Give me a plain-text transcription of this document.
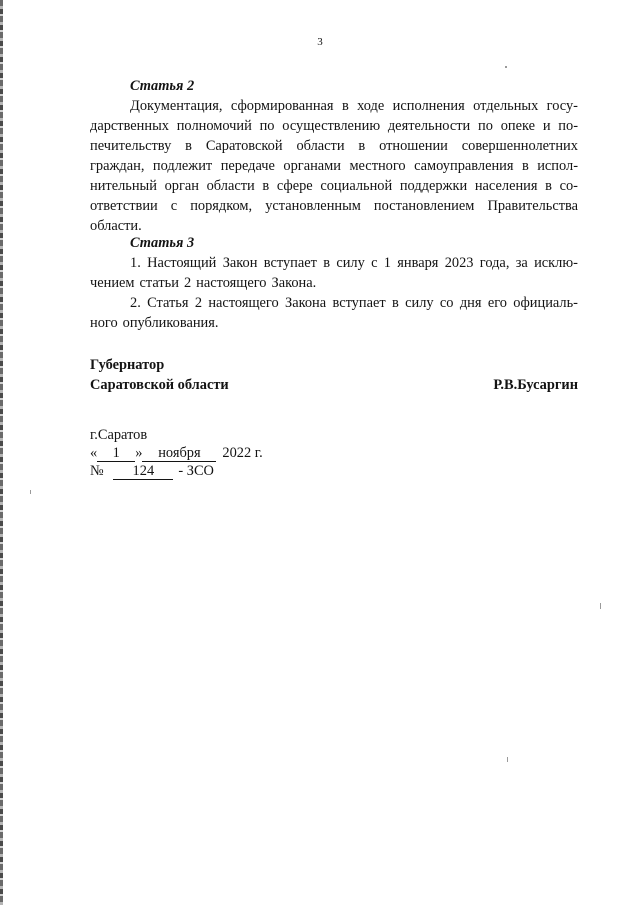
3
Статья 2
Документация, сформированная в ходе исполнения отдельных госу-
дарственных полномочий по осуществлению деятельности по опеке и по-
печительству в Саратовской области в отношении совершеннолетних
граждан, подлежит передаче органами местного самоуправления в испол-
нительный орган области в сфере социальной поддержки населения в со-
ответствии с порядком, установленным постановлением Правительства
области.
Статья 3
1. Настоящий Закон вступает в силу с 1 января 2023 года, за исклю-
чением статьи 2 настоящего Закона.
2. Статья 2 настоящего Закона вступает в силу со дня его официаль-
ного опубликования.
Губернатор
Саратовской области	Р.В.Бусаргин
г.Саратов
« 1 » ноября 2022 г.
№ 124 - ЗСО
